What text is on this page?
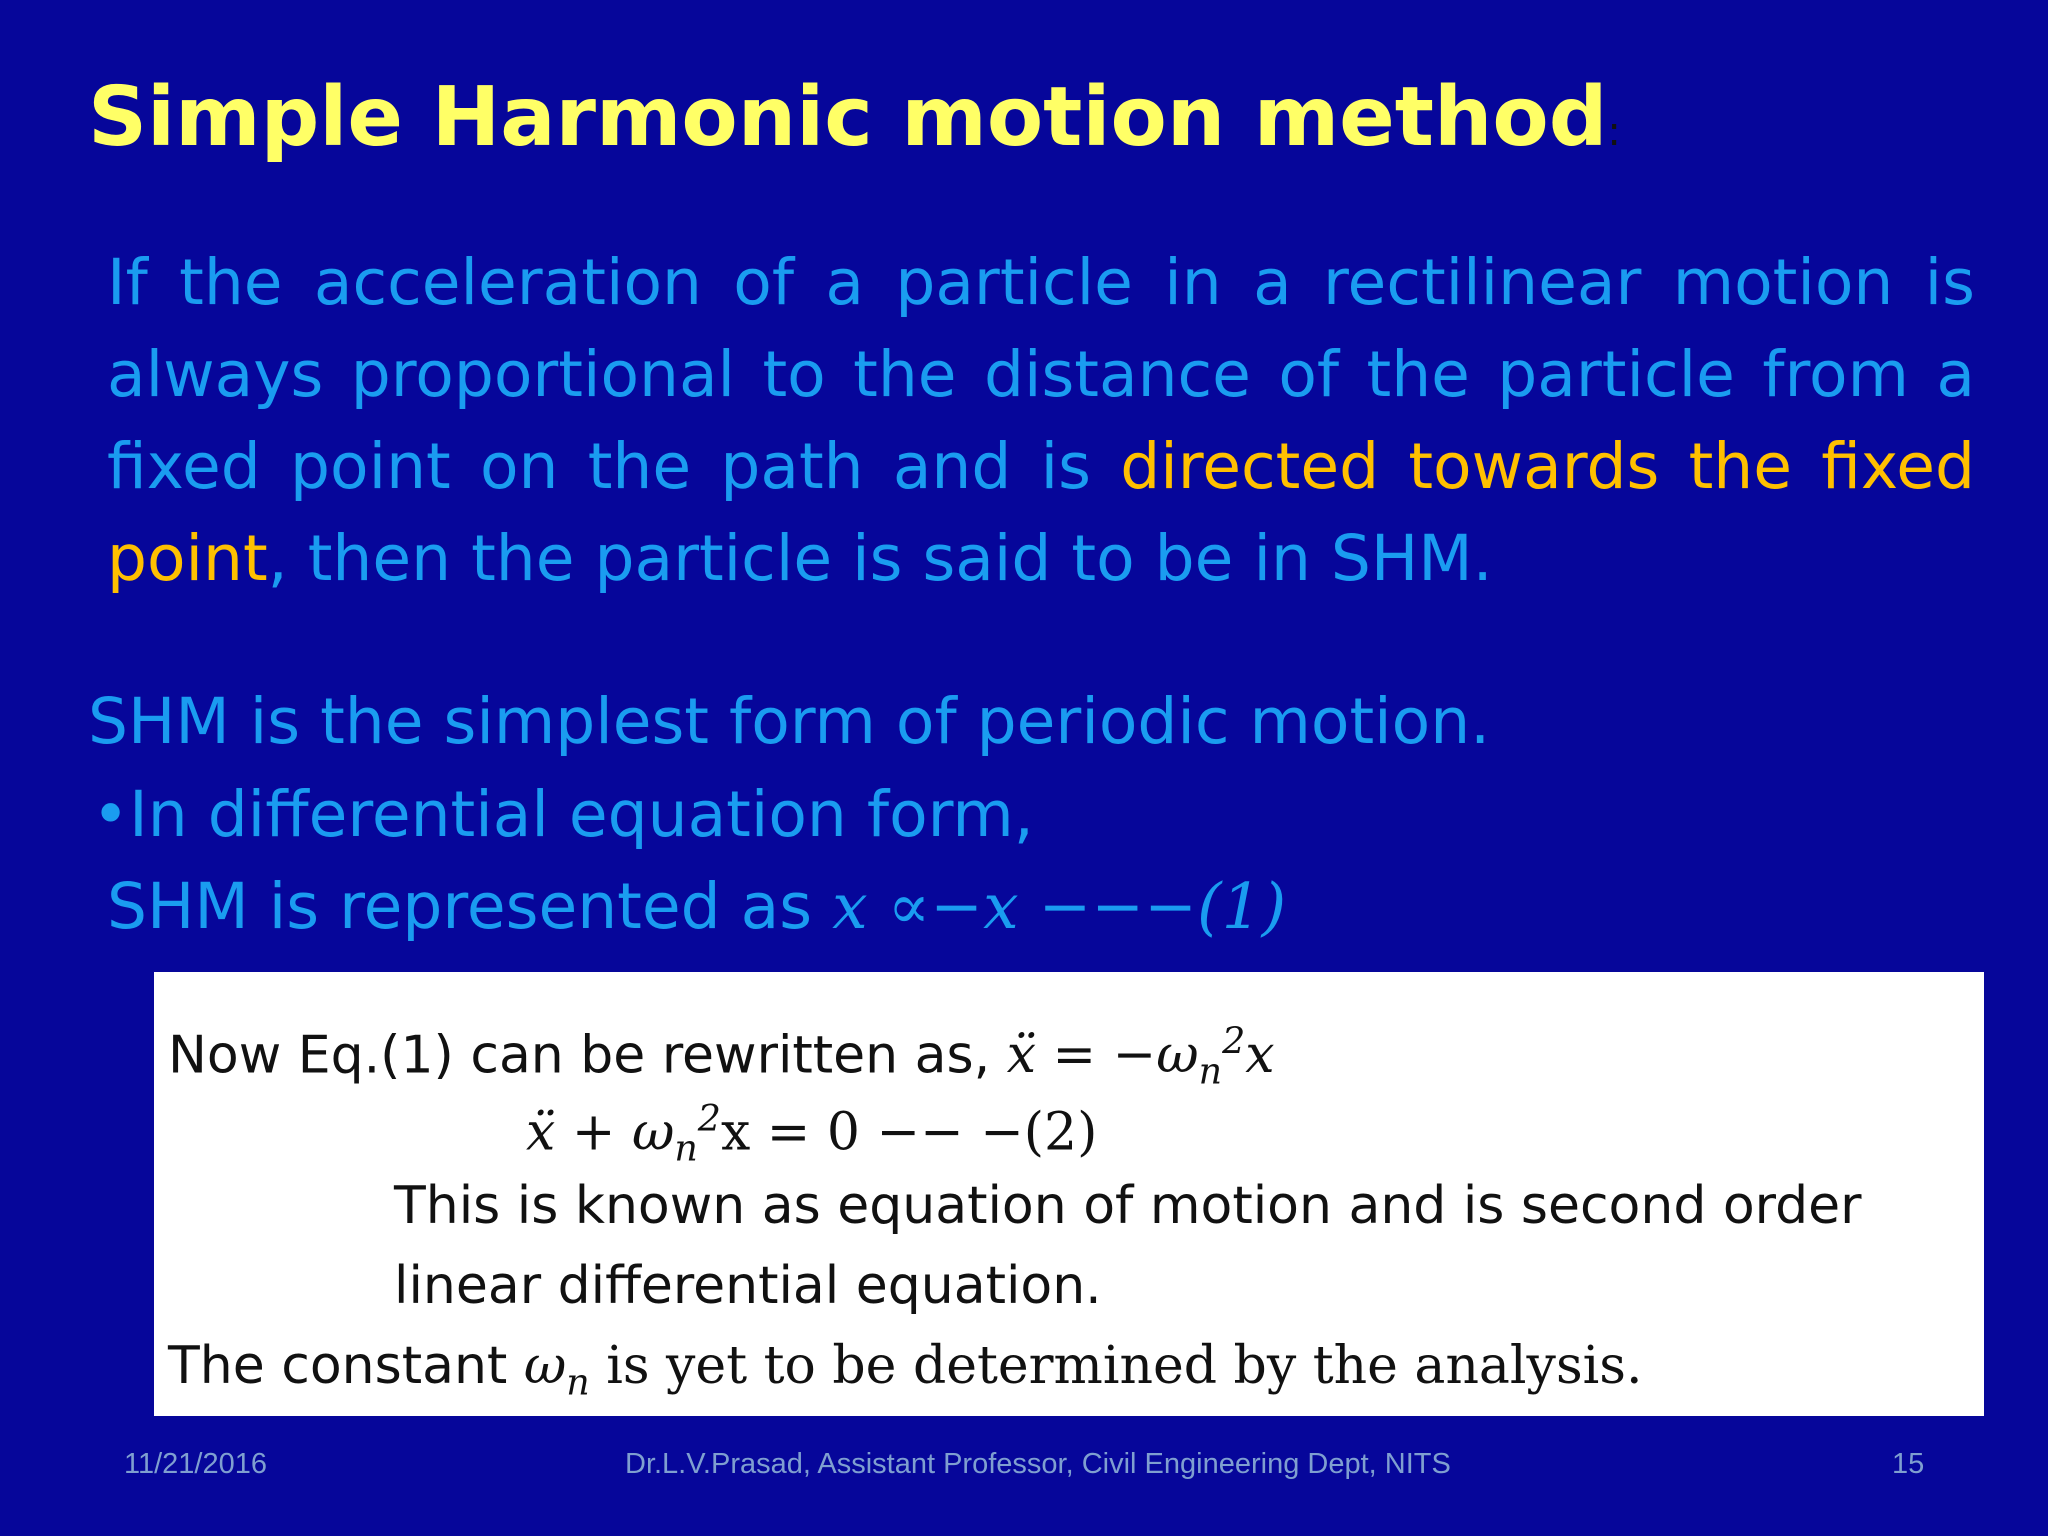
Simple Harmonic motion method:

If the acceleration of a particle in a rectilinear motion is always proportional to the distance of the particle from a fixed point on the path and is directed towards the fixed point, then the particle is said to be in SHM.

SHM is the simplest form of periodic motion.
•In differential equation form,
SHM is represented as x ∝−x −−−(1)
Now Eq.(1) can be rewritten as, ẍ = $-\omega_n^2x$
ẍ + $\omega_n^2x = 0 -- -(2)$
This is known as equation of motion and is second order
linear differential equation.
The constant $\omega_n$ is yet to be determined by the analysis.
11/21/2016	Dr.L.V.Prasad, Assistant Professor, Civil Engineering Dept, NITS	15
